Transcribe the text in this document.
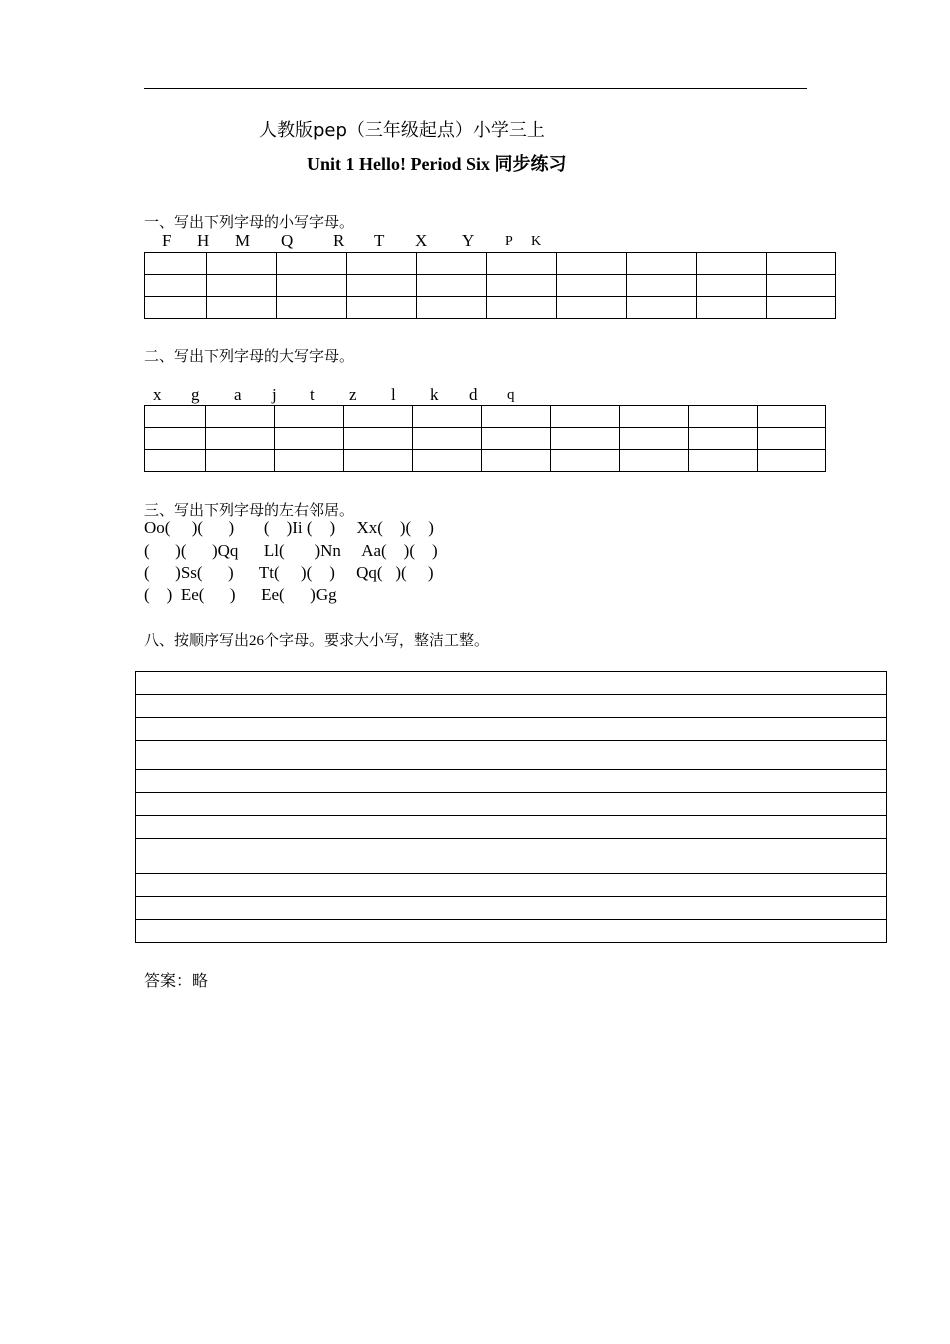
人教版pep（三年级起点）小学三上
Unit 1 Hello! Period Six 同步练习
一、写出下列字母的小写字母。
F H M Q R T X Y P K

二、写出下列字母的大写字母。
x g a j t z l k d q

三、写出下列字母的左右邻居。
Oo(     )(      )       (    )Ii (    )     Xx(    )(    )
(      )(      )Qq      Ll(       )Nn     Aa(    )(    )
(      )Ss(      )      Tt(     )(    )     Qq(   )(     )
(    )  Ee(      )      Ee(      )Gg
八、按顺序写出26个字母。要求大小写，整洁工整。
答案：略
